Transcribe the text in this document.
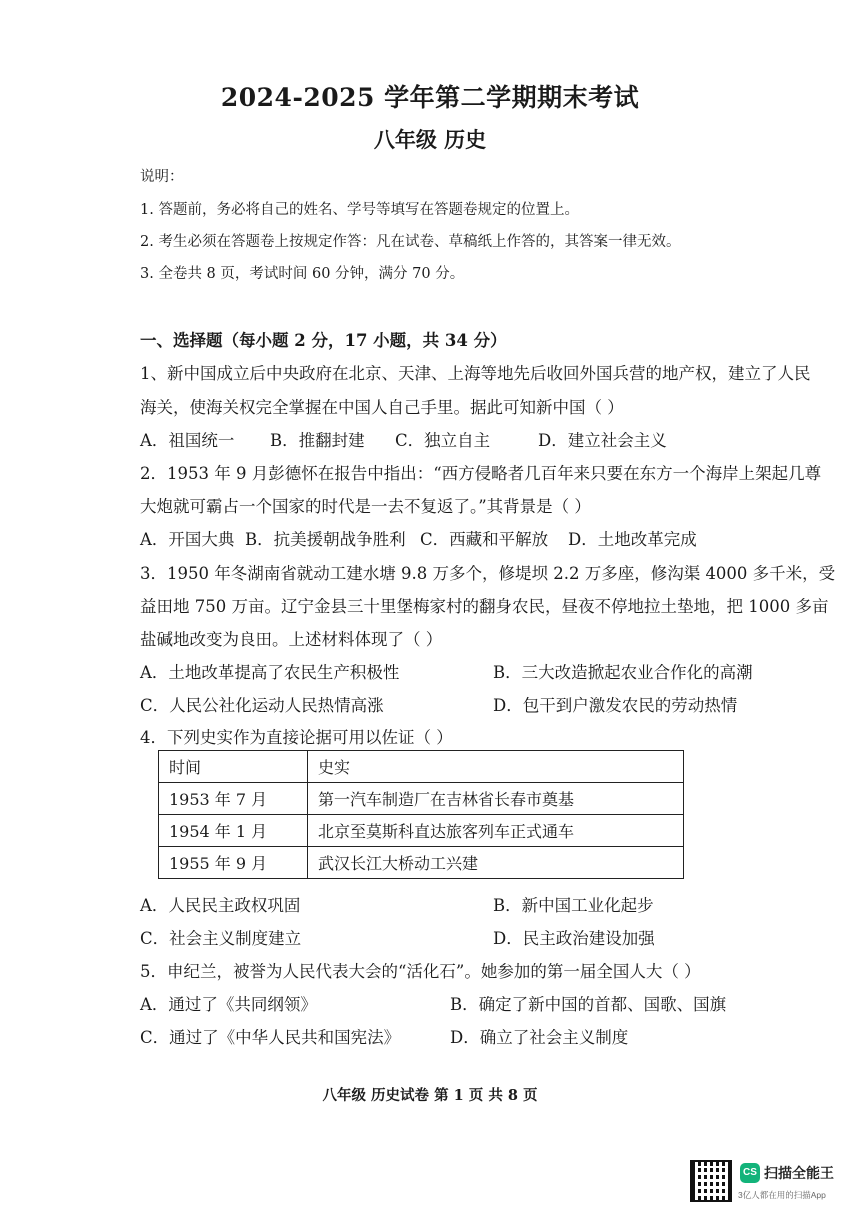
2024-2025 学年第二学期期末考试
八年级 历史
说明：
1. 答题前，务必将自己的姓名、学号等填写在答题卷规定的位置上。
2. 考生必须在答题卷上按规定作答：凡在试卷、草稿纸上作答的，其答案一律无效。
3. 全卷共 8 页，考试时间 60 分钟，满分 70 分。
一、选择题（每小题 2 分，17 小题，共 34 分）
1、新中国成立后中央政府在北京、天津、上海等地先后收回外国兵营的地产权，建立了人民
海关，使海关权完全掌握在中国人自己手里。据此可知新中国（ ）
A．祖国统一 B．推翻封建 C．独立自主	D．建立社会主义
2．1953 年 9 月彭德怀在报告中指出：“西方侵略者几百年来只要在东方一个海岸上架起几尊
大炮就可霸占一个国家的时代是一去不复返了。”其背景是（ ）
A．开国大典 B．抗美援朝战争胜利 C．西藏和平解放 D．土地改革完成
3．1950 年冬湖南省就动工建水塘 9.8 万多个，修堤坝 2.2 万多座，修沟渠 4000 多千米，受
益田地 750 万亩。辽宁金县三十里堡梅家村的翻身农民，昼夜不停地拉土垫地，把 1000 多亩
盐碱地改变为良田。上述材料体现了（ ）
A．土地改革提高了农民生产积极性	B．三大改造掀起农业合作化的高潮
C．人民公社化运动人民热情高涨	D．包干到户激发农民的劳动热情
4．下列史实作为直接论据可用以佐证（ ）
时间	史实
1953 年 7 月	第一汽车制造厂在吉林省长春市奠基
1954 年 1 月	北京至莫斯科直达旅客列车正式通车
1955 年 9 月	武汉长江大桥动工兴建
A．人民民主政权巩固	B．新中国工业化起步
C．社会主义制度建立	D．民主政治建设加强
5．申纪兰，被誉为人民代表大会的“活化石”。她参加的第一届全国人大（ ）
A．通过了《共同纲领》	B．确定了新中国的首都、国歌、国旗
C．通过了《中华人民共和国宪法》	D．确立了社会主义制度
八年级 历史试卷 第 1 页 共 8 页
CS 扫描全能王
3亿人都在用的扫描App
